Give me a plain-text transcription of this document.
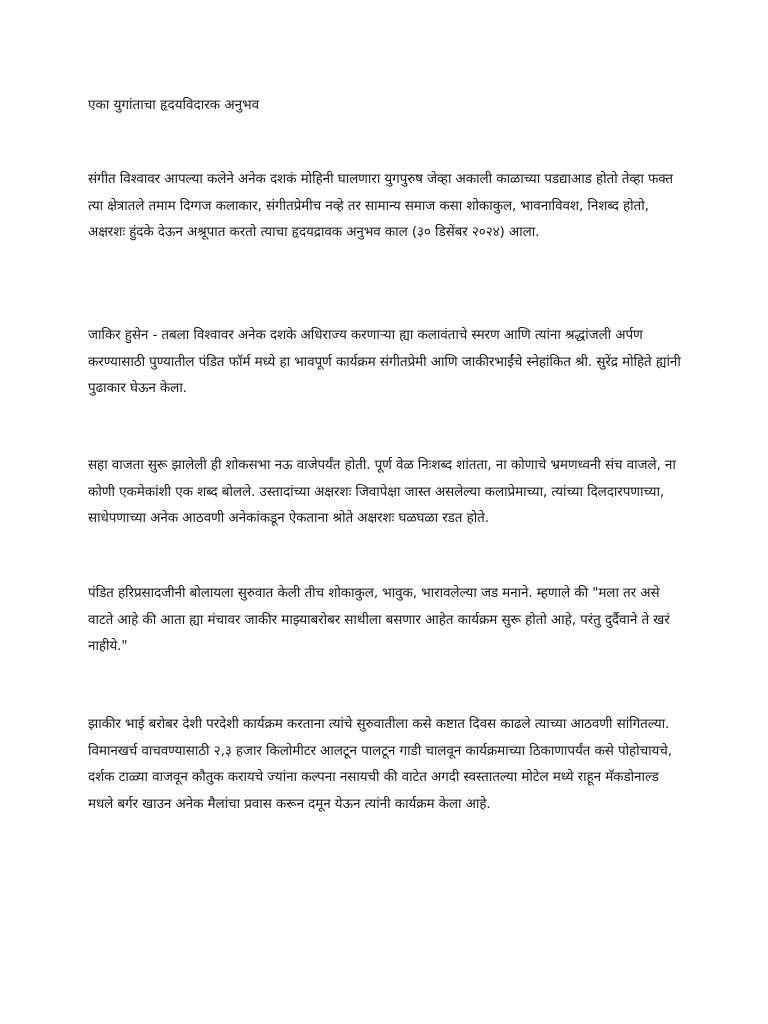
एका युगांताचा हृदयविदारक अनुभव

संगीत विश्वावर आपल्या कलेने अनेक दशकं मोहिनी घालणारा युगपुरुष जेव्हा अकाली काळाच्या पडद्याआड होतो तेव्हा फक्त त्या क्षेत्रातले तमाम दिग्गज कलाकार, संगीतप्रेमीच नव्हे तर सामान्य समाज कसा शोकाकुल, भावनाविवश, निशब्द होतो, अक्षरशः हुंदके देऊन अश्रूपात करतो त्याचा हृदयद्रावक अनुभव काल (३० डिसेंबर २०२४) आला.

जाकिर हुसेन - तबला विश्वावर अनेक दशके अधिराज्य करणाऱ्या ह्या कलावंताचे स्मरण आणि त्यांना श्रद्धांजली अर्पण करण्यासाठी पुण्यातील पंडित फॉर्म मध्ये हा भावपूर्ण कार्यक्रम संगीतप्रेमी आणि जाकीरभाईंचे स्नेहांकित श्री. सुरेंद्र मोहिते ह्यांनी पुढाकार घेऊन केला.

सहा वाजता सुरू झालेली ही शोकसभा नऊ वाजेपर्यंत होती. पूर्ण वेळ निःशब्द शांतता, ना कोणाचे भ्रमणध्वनी संच वाजले, ना कोणी एकमेकांशी एक शब्द बोलले. उस्तादांच्या अक्षरशः जिवापेक्षा जास्त असलेल्या कलाप्रेमाच्या, त्यांच्या दिलदारपणाच्या, साधेपणाच्या अनेक आठवणी अनेकांकडून ऐकताना श्रोते अक्षरशः घळघळा रडत होते.

पंडित हरिप्रसादजीनी बोलायला सुरुवात केली तीच शोकाकुल, भावुक, भारावलेल्या जड मनाने. म्हणाले की "मला तर असे वाटते आहे की आता ह्या मंचावर जाकीर माझ्याबरोबर साथीला बसणार आहेत कार्यक्रम सुरू होतो आहे, परंतु दुर्दैवाने ते खरं नाहीये."

झाकीर भाई बरोबर देशी परदेशी कार्यक्रम करताना त्यांचे सुरुवातीला कसे कष्टात दिवस काढले त्याच्या आठवणी सांगितल्या. विमानखर्च वाचवण्यासाठी २,३ हजार किलोमीटर आलटून पालटून गाडी चालवून कार्यक्रमाच्या ठिकाणापर्यंत कसे पोहोचायचे, दर्शक टाळ्या वाजवून कौतुक करायचे ज्यांना कल्पना नसायची की वाटेत अगदी स्वस्तातल्या मोटेल मध्ये राहून मॅकडोनाल्ड मधले बर्गर खाउन अनेक मैलांचा प्रवास करून दमून येऊन त्यांनी कार्यक्रम केला आहे.
